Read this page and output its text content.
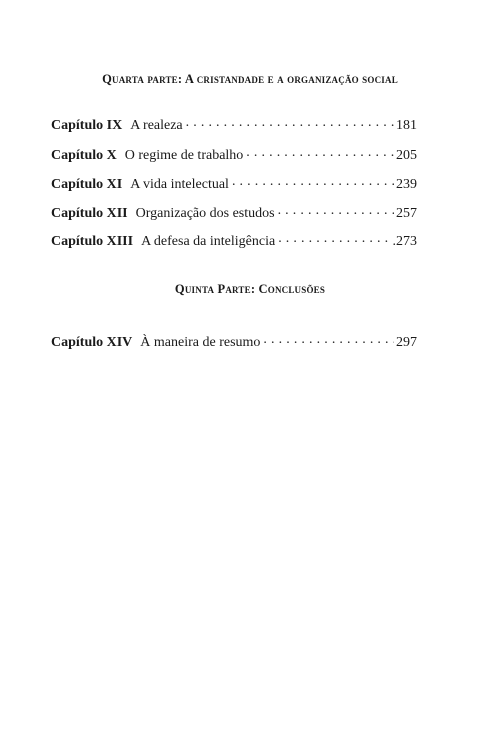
Quarta parte: A cristandade e a organização social
Capítulo IX A realeza . . .	181
Capítulo X O regime de trabalho . . .	205
Capítulo XI A vida intelectual . . .	239
Capítulo XII Organização dos estudos . . .	257
Capítulo XIII A defesa da inteligência . . .	.273
Quinta Parte: Conclusões
Capítulo XIV À maneira de resumo . . .	297
